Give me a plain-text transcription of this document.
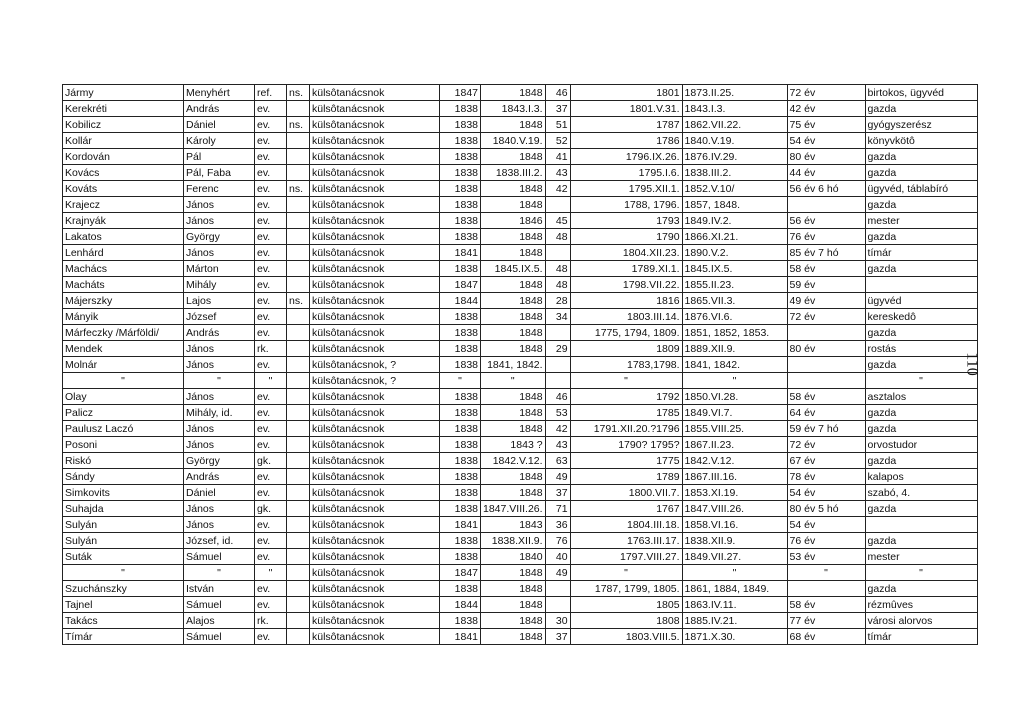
Jármy	Menyhért	ref.	ns.	külsôtanácsnok	1847	1848	46	1801	1873.II.25.	72 év	birtokos, ügyvéd
Kerekréti	András	ev.		külsôtanácsnok	1838	1843.I.3.	37	1801.V.31.	1843.I.3.	42 év	gazda
Kobilicz	Dániel	ev.	ns.	külsôtanácsnok	1838	1848	51	1787	1862.VII.22.	75 év	gyógyszerész
Kollár	Károly	ev.		külsôtanácsnok	1838	1840.V.19.	52	1786	1840.V.19.	54 év	könyvkötô
Kordován	Pál	ev.		külsôtanácsnok	1838	1848	41	1796.IX.26.	1876.IV.29.	80 év	gazda
Kovács	Pál, Faba	ev.		külsôtanácsnok	1838	1838.III.2.	43	1795.I.6.	1838.III.2.	44 év	gazda
Kováts	Ferenc	ev.	ns.	külsôtanácsnok	1838	1848	42	1795.XII.1.	1852.V.10/	56 év 6 hó	ügyvéd, táblabíró
Krajecz	János	ev.		külsôtanácsnok	1838	1848		1788, 1796.	1857, 1848.		gazda
Krajnyák	János	ev.		külsôtanácsnok	1838	1846	45	1793	1849.IV.2.	56 év	mester
Lakatos	György	ev.		külsôtanácsnok	1838	1848	48	1790	1866.XI.21.	76 év	gazda
Lenhárd	János	ev.		külsôtanácsnok	1841	1848		1804.XII.23.	1890.V.2.	85 év 7 hó	tímár
Machács	Márton	ev.		külsôtanácsnok	1838	1845.IX.5.	48	1789.XI.1.	1845.IX.5.	58 év	gazda
Macháts	Mihály	ev.		külsôtanácsnok	1847	1848	48	1798.VII.22.	1855.II.23.	59 év	
Májerszky	Lajos	ev.	ns.	külsôtanácsnok	1844	1848	28	1816	1865.VII.3.	49 év	ügyvéd
Mányik	József	ev.		külsôtanácsnok	1838	1848	34	1803.III.14.	1876.VI.6.	72 év	kereskedô
Márfeczky /Márföldi/	András	ev.		külsôtanácsnok	1838	1848		1775, 1794, 1809.	1851, 1852, 1853.		gazda
Mendek	János	rk.		külsôtanácsnok	1838	1848	29	1809	1889.XII.9.	80 év	rostás
Molnár	János	ev.		külsôtanácsnok, ?	1838	1841, 1842.		1783,1798.	1841, 1842.		gazda
"	"	"		külsôtanácsnok, ?	"	"		"	"		"
Olay	János	ev.		külsôtanácsnok	1838	1848	46	1792	1850.VI.28.	58 év	asztalos
Palicz	Mihály, id.	ev.		külsôtanácsnok	1838	1848	53	1785	1849.VI.7.	64 év	gazda
Paulusz Laczó	János	ev.		külsôtanácsnok	1838	1848	42	1791.XII.20.?1796	1855.VIII.25.	59 év 7 hó	gazda
Posoni	János	ev.		külsôtanácsnok	1838	1843 ?	43	1790? 1795?	1867.II.23.	72 év	orvostudor
Riskó	György	gk.		külsôtanácsnok	1838	1842.V.12.	63	1775	1842.V.12.	67 év	gazda
Sándy	András	ev.		külsôtanácsnok	1838	1848	49	1789	1867.III.16.	78 év	kalapos
Simkovits	Dániel	ev.		külsôtanácsnok	1838	1848	37	1800.VII.7.	1853.XI.19.	54 év	szabó, 4.
Suhajda	János	gk.		külsôtanácsnok	1838	1847.VIII.26.	71	1767	1847.VIII.26.	80 év 5 hó	gazda
Sulyán	János	ev.		külsôtanácsnok	1841	1843	36	1804.III.18.	1858.VI.16.	54 év	
Sulyán	József, id.	ev.		külsôtanácsnok	1838	1838.XII.9.	76	1763.III.17.	1838.XII.9.	76 év	gazda
Suták	Sámuel	ev.		külsôtanácsnok	1838	1840	40	1797.VIII.27.	1849.VII.27.	53 év	mester
"	"	"		külsôtanácsnok	1847	1848	49	"	"	"	"
Szuchánszky	István	ev.		külsôtanácsnok	1838	1848		1787, 1799, 1805.	1861, 1884, 1849.		gazda
Tajnel	Sámuel	ev.		külsôtanácsnok	1844	1848		1805	1863.IV.11.	58 év	rézmûves
Takács	Alajos	rk.		külsôtanácsnok	1838	1848	30	1808	1885.IV.21.	77 év	városi alorvos
Tímár	Sámuel	ev.		külsôtanácsnok	1841	1848	37	1803.VIII.5.	1871.X.30.	68 év	tímár
110
